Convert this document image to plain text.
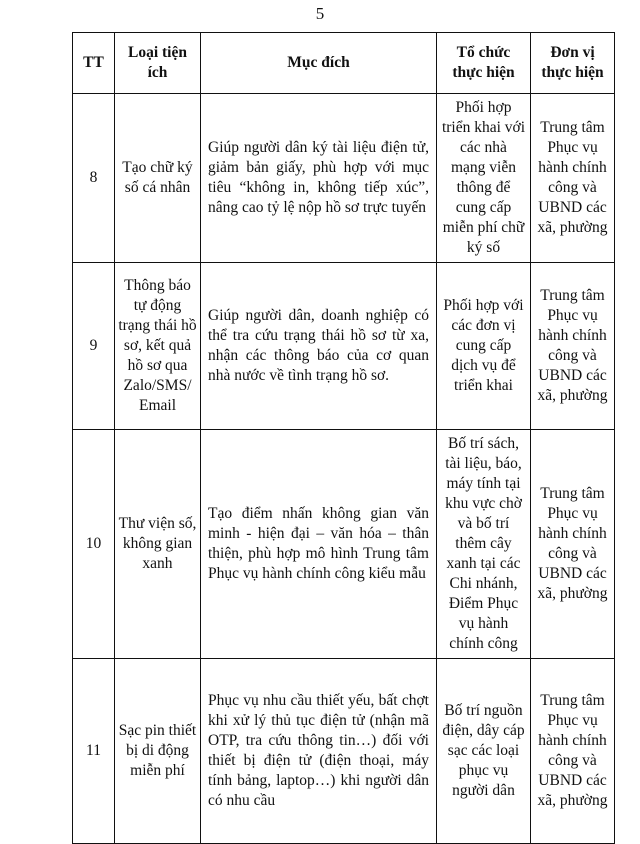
5
TT	Loại tiện ích	Mục đích	Tổ chức thực hiện	Đơn vị thực hiện
8	Tạo chữ ký số cá nhân	Giúp người dân ký tài liệu điện tử, giảm bản giấy, phù hợp với mục tiêu “không in, không tiếp xúc”, nâng cao tỷ lệ nộp hồ sơ trực tuyến	Phối hợp triển khai với các nhà mạng viễn thông để cung cấp miễn phí chữ ký số	Trung tâm Phục vụ hành chính công và UBND các xã, phường
9	Thông báo tự động trạng thái hồ sơ, kết quả hồ sơ qua Zalo/SMS/ Email	Giúp người dân, doanh nghiệp có thể tra cứu trạng thái hồ sơ từ xa, nhận các thông báo của cơ quan nhà nước về tình trạng hồ sơ.	Phối hợp với các đơn vị cung cấp dịch vụ để triển khai	Trung tâm Phục vụ hành chính công và UBND các xã, phường
10	Thư viện số, không gian xanh	Tạo điểm nhấn không gian văn minh - hiện đại – văn hóa – thân thiện, phù hợp mô hình Trung tâm Phục vụ hành chính công kiểu mẫu	Bố trí sách, tài liệu, báo, máy tính tại khu vực chờ và bố trí thêm cây xanh tại các Chi nhánh, Điểm Phục vụ hành chính công	Trung tâm Phục vụ hành chính công và UBND các xã, phường
11	Sạc pin thiết bị di động miễn phí	Phục vụ nhu cầu thiết yếu, bất chợt khi xử lý thủ tục điện tử (nhận mã OTP, tra cứu thông tin…) đối với thiết bị điện tử (điện thoại, máy tính bảng, laptop…) khi người dân có nhu cầu	Bố trí nguồn điện, dây cáp sạc các loại phục vụ người dân	Trung tâm Phục vụ hành chính công và UBND các xã, phường
